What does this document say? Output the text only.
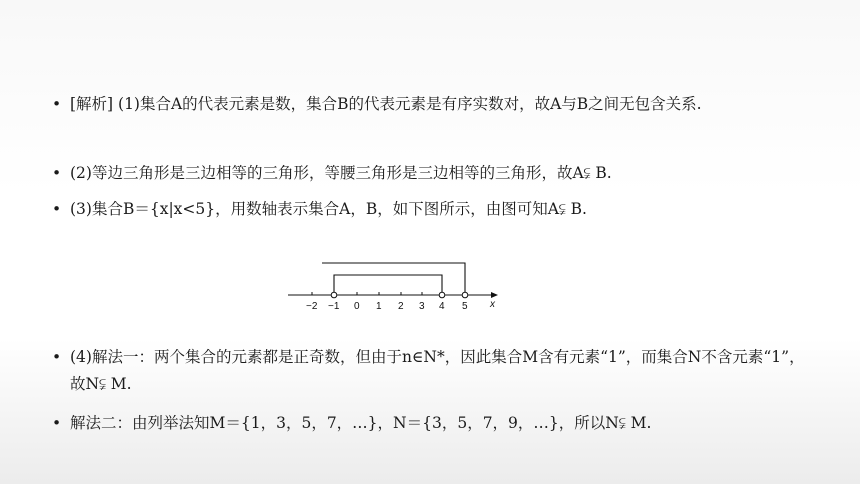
• [解析] (1)集合A的代表元素是数，集合B的代表元素是有序实数对，故A与B之间无包含关系.
• (2)等边三角形是三边相等的三角形，等腰三角形是三边相等的三角形，故A⫋ B.
• (3)集合B＝{x|x<5}，用数轴表示集合A，B，如下图所示，由图可知A⫋ B.
−2 −1 0 1 2 3 4 5 x
• (4)解法一：两个集合的元素都是正奇数，但由于n∈N*，因此集合M含有元素“1”，而集合N不含元素“1”，故N⫋ M.
• 解法二：由列举法知M＝{1，3，5，7，…}，N＝{3，5，7，9，…}，所以N⫋ M.
